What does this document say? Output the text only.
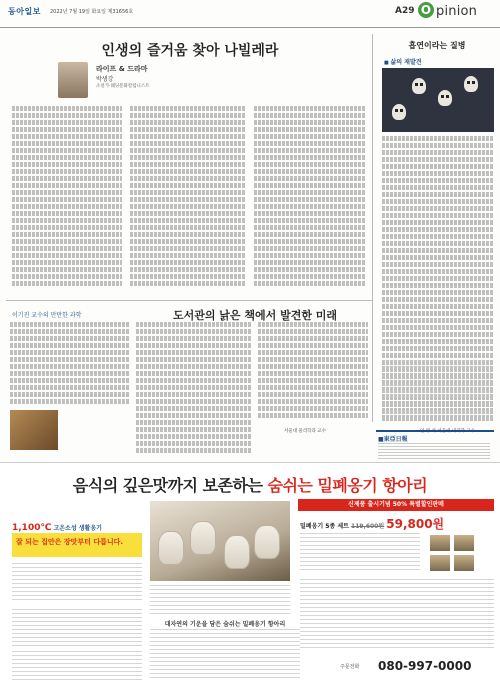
동아일보 2022년 7월 19일 화요일 제31656호	A29 O pinion
인생의 즐거움 찾아 나빌레라
라이프 & 드라마
박생강
소설가·웨딩문화칼럼니스트
흡연이라는 질병
■ 삶의 재발견
임 영 석 서울대 내과학 교수
이기진 교수의 만만한 과학	도서관의 낡은 책에서 발견한 미래
서울대 물리학과 교수
■東亞日報
음식의 깊은맛까지 보존하는 숨쉬는 밀폐옹기 항아리
1,100℃ 고온소성 생활옹기
잘 되는 집안은 장맛부터 다릅니다.
대자연의 기운을 담은 숨쉬는 밀폐옹기 항아리
신제품 출시기념 50% 특별할인판매
밀폐옹기 5종 세트 119,600원 59,800원
주문전화 080-997-0000
